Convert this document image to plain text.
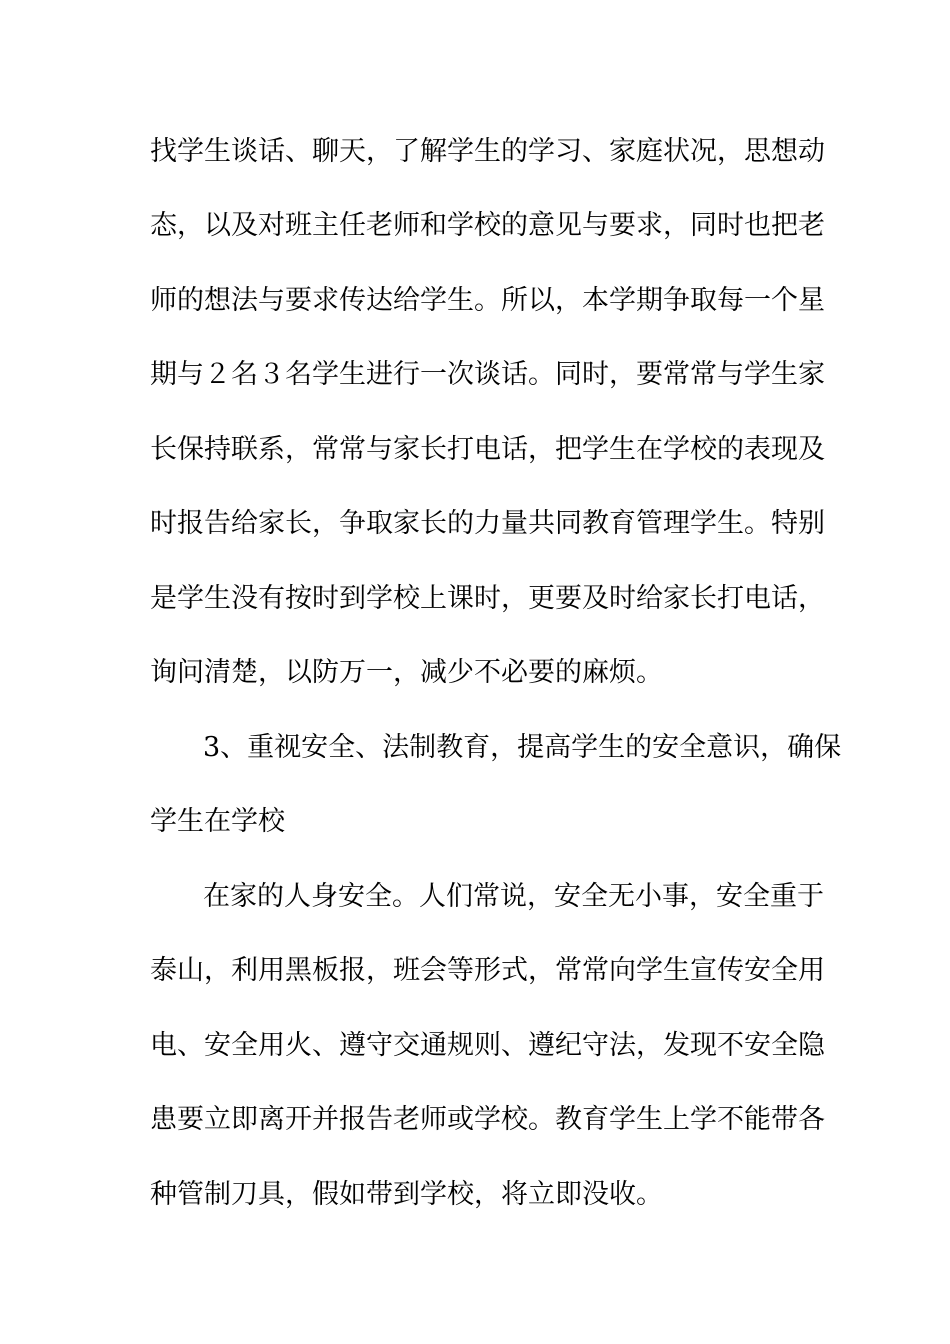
找学生谈话、聊天，了解学生的学习、家庭状况，思想动
态，以及对班主任老师和学校的意见与要求，同时也把老
师的想法与要求传达给学生。所以，本学期争取每一个星
期与２名３名学生进行一次谈话。同时，要常常与学生家
长保持联系，常常与家长打电话，把学生在学校的表现及
时报告给家长，争取家长的力量共同教育管理学生。特别
是学生没有按时到学校上课时，更要及时给家长打电话，
询问清楚，以防万一，减少不必要的麻烦。
3、重视安全、法制教育，提高学生的安全意识，确保
学生在学校
在家的人身安全。人们常说，安全无小事，安全重于
泰山，利用黑板报，班会等形式，常常向学生宣传安全用
电、安全用火、遵守交通规则、遵纪守法，发现不安全隐
患要立即离开并报告老师或学校。教育学生上学不能带各
种管制刀具，假如带到学校，将立即没收。
